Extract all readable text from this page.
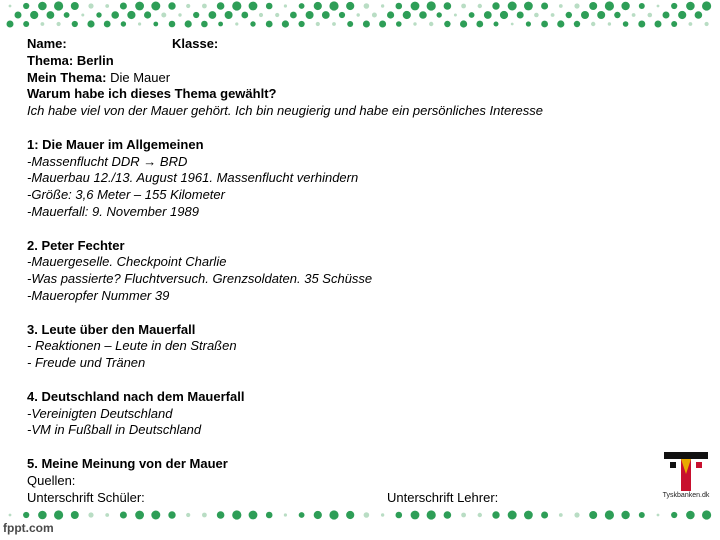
Name:	Klasse:
Thema: Berlin
Mein Thema: Die Mauer
Warum habe ich dieses Thema gewählt?
Ich habe viel von der Mauer gehört. Ich bin neugierig und habe ein persönliches Interesse
1: Die Mauer im Allgemeinen
-Massenflucht DDR → BRD
-Mauerbau 12./13. August 1961. Massenflucht verhindern
-Größe: 3,6 Meter – 155 Kilometer
-Mauerfall: 9. November 1989
2. Peter Fechter
-Mauergeselle. Checkpoint Charlie
-Was passierte? Fluchtversuch. Grenzsoldaten. 35 Schüsse
-Maueropfer Nummer 39
3. Leute über den Mauerfall
- Reaktionen – Leute in den Straßen
- Freude und Tränen
4. Deutschland nach dem Mauerfall
-Vereinigten Deutschland
-VM in Fußball in Deutschland
5. Meine Meinung von der Mauer
Quellen:
Unterschrift Schüler:	Unterschrift Lehrer:	Tyskbanken.dk
fppt.com
